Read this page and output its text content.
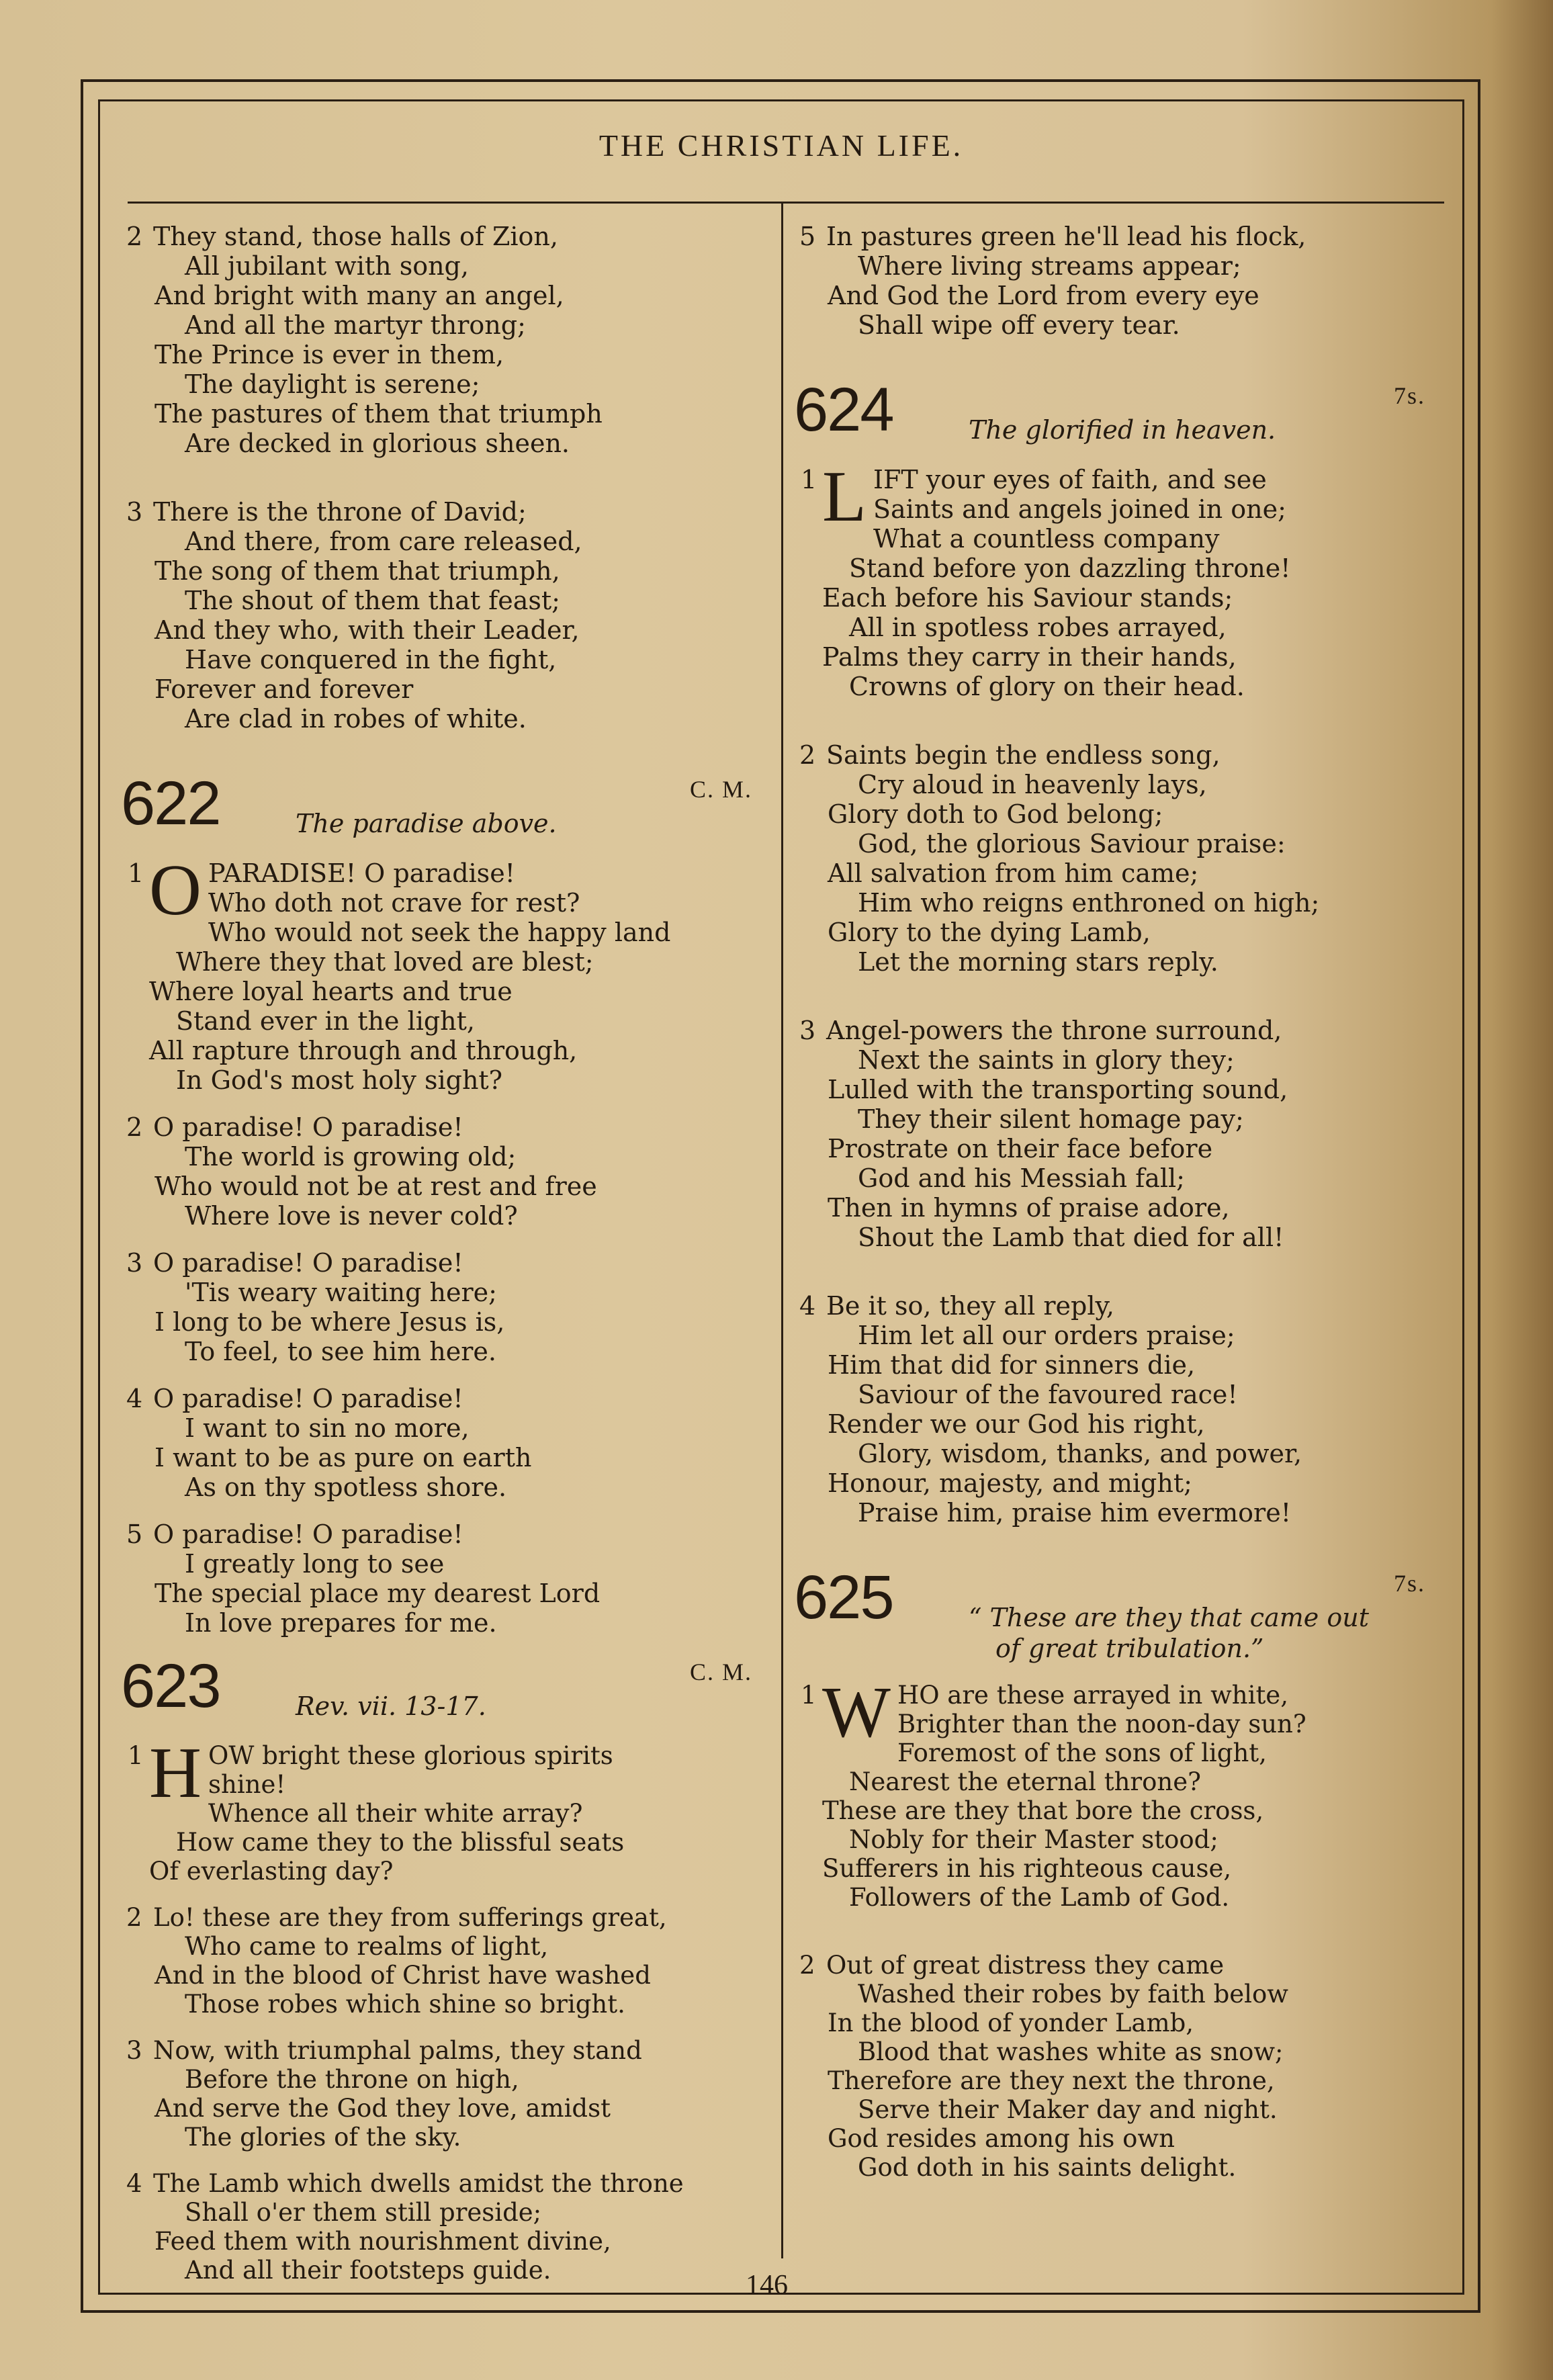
THE CHRISTIAN LIFE.
2 They stand, those halls of Zion,
All jubilant with song,
And bright with many an angel,
And all the martyr throng;
The Prince is ever in them,
The daylight is serene;
The pastures of them that triumph
Are decked in glorious sheen.
3 There is the throne of David;
And there, from care released,
The song of them that triumph,
The shout of them that feast;
And they who, with their Leader,
Have conquered in the fight,
Forever and forever
Are clad in robes of white.
622	The paradise above.
C. M.
1 O PARADISE! O paradise!
Who doth not crave for rest?
Who would not seek the happy land
Where they that loved are blest;
Where loyal hearts and true
Stand ever in the light,
All rapture through and through,
In God's most holy sight?
2 O paradise! O paradise!
The world is growing old;
Who would not be at rest and free
Where love is never cold?
3 O paradise! O paradise!
'Tis weary waiting here;
I long to be where Jesus is,
To feel, to see him here.
4 O paradise! O paradise!
I want to sin no more,
I want to be as pure on earth
As on thy spotless shore.
5 O paradise! O paradise!
I greatly long to see
The special place my dearest Lord
In love prepares for me.
623	Rev. vii. 13-17.
C. M.
1 H OW bright these glorious spirits
shine!
Whence all their white array?
How came they to the blissful seats
Of everlasting day?
2 Lo! these are they from sufferings great,
Who came to realms of light,
And in the blood of Christ have washed
Those robes which shine so bright.
3 Now, with triumphal palms, they stand
Before the throne on high,
And serve the God they love, amidst
The glories of the sky.
4 The Lamb which dwells amidst the throne
Shall o'er them still preside;
Feed them with nourishment divine,
And all their footsteps guide.
5 In pastures green he'll lead his flock,
Where living streams appear;
And God the Lord from every eye
Shall wipe off every tear.
624	The glorified in heaven.
7s.
1 L IFT your eyes of faith, and see
Saints and angels joined in one;
What a countless company
Stand before yon dazzling throne!
Each before his Saviour stands;
All in spotless robes arrayed,
Palms they carry in their hands,
Crowns of glory on their head.
2 Saints begin the endless song,
Cry aloud in heavenly lays,
Glory doth to God belong;
God, the glorious Saviour praise:
All salvation from him came;
Him who reigns enthroned on high;
Glory to the dying Lamb,
Let the morning stars reply.
3 Angel-powers the throne surround,
Next the saints in glory they;
Lulled with the transporting sound,
They their silent homage pay;
Prostrate on their face before
God and his Messiah fall;
Then in hymns of praise adore,
Shout the Lamb that died for all!
4 Be it so, they all reply,
Him let all our orders praise;
Him that did for sinners die,
Saviour of the favoured race!
Render we our God his right,
Glory, wisdom, thanks, and power,
Honour, majesty, and might;
Praise him, praise him evermore!
625	“ These are they that came out
of great tribulation.”
7s.
1 W HO are these arrayed in white,
Brighter than the noon-day sun?
Foremost of the sons of light,
Nearest the eternal throne?
These are they that bore the cross,
Nobly for their Master stood;
Sufferers in his righteous cause,
Followers of the Lamb of God.
2 Out of great distress they came
Washed their robes by faith below
In the blood of yonder Lamb,
Blood that washes white as snow;
Therefore are they next the throne,
Serve their Maker day and night.
God resides among his own
God doth in his saints delight.
146
